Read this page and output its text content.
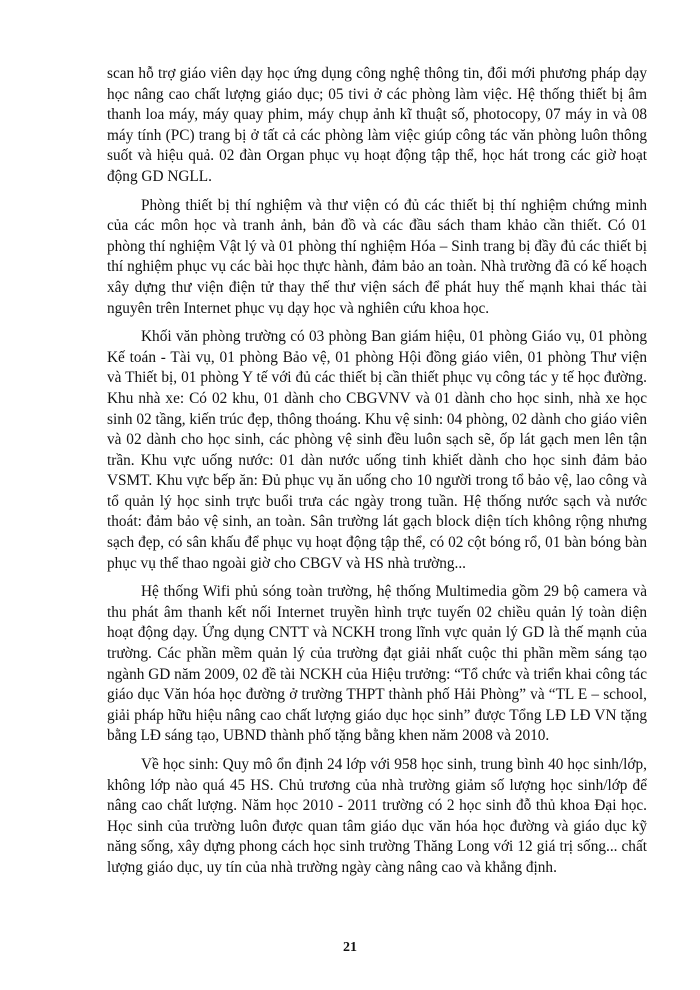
scan hỗ trợ giáo viên dạy học ứng dụng công nghệ thông tin, đổi mới phương pháp dạy học nâng cao chất lượng giáo dục; 05 tivi ở các phòng làm việc. Hệ thống thiết bị âm thanh loa máy, máy quay phim, máy chụp ảnh kĩ thuật số, photocopy, 07 máy in và 08 máy tính (PC) trang bị ở tất cả các phòng làm việc giúp công tác văn phòng luôn thông suốt và hiệu quả. 02 đàn Organ phục vụ hoạt động tập thể, học hát trong các giờ hoạt động GD NGLL.

Phòng thiết bị thí nghiệm và thư viện có đủ các thiết bị thí nghiệm chứng minh của các môn học và tranh ảnh, bản đồ và các đầu sách tham khảo cần thiết. Có 01 phòng thí nghiệm Vật lý và 01 phòng thí nghiệm Hóa – Sinh trang bị đầy đủ các thiết bị thí nghiệm phục vụ các bài học thực hành, đảm bảo an toàn. Nhà trường đã có kế hoạch xây dựng thư viện điện tử thay thế thư viện sách để phát huy thế mạnh khai thác tài nguyên trên Internet phục vụ dạy học và nghiên cứu khoa học.

Khối văn phòng trường có 03 phòng Ban giám hiệu, 01 phòng Giáo vụ, 01 phòng Kế toán - Tài vụ, 01 phòng Bảo vệ, 01 phòng Hội đồng giáo viên, 01 phòng Thư viện và Thiết bị, 01 phòng Y tế với đủ các thiết bị cần thiết phục vụ công tác y tế học đường. Khu nhà xe: Có 02 khu, 01 dành cho CBGVNV và 01 dành cho học sinh, nhà xe học sinh 02 tầng, kiến trúc đẹp, thông thoáng. Khu vệ sinh: 04 phòng, 02 dành cho giáo viên và 02 dành cho học sinh, các phòng vệ sinh đều luôn sạch sẽ, ốp lát gạch men lên tận trần. Khu vực uống nước: 01 dàn nước uống tinh khiết dành cho học sinh đảm bảo VSMT. Khu vực bếp ăn: Đủ phục vụ ăn uống cho 10 người trong tổ bảo vệ, lao công và tổ quản lý học sinh trực buổi trưa các ngày trong tuần. Hệ thống nước sạch và nước thoát: đảm bảo vệ sinh, an toàn. Sân trường lát gạch block diện tích không rộng nhưng sạch đẹp, có sân khấu để phục vụ hoạt động tập thể, có 02 cột bóng rổ, 01 bàn bóng bàn phục vụ thể thao ngoài giờ cho CBGV và HS nhà trường...

Hệ thống Wifi phủ sóng toàn trường, hệ thống Multimedia gồm 29 bộ camera và thu phát âm thanh kết nối Internet truyền hình trực tuyến 02 chiều quản lý toàn diện hoạt động dạy. Ứng dụng CNTT và NCKH trong lĩnh vực quản lý GD là thế mạnh của trường. Các phần mềm quản lý của trường đạt giải nhất cuộc thi phần mềm sáng tạo ngành GD năm 2009, 02 đề tài NCKH của Hiệu trưởng: “Tổ chức và triển khai công tác giáo dục Văn hóa học đường ở trường THPT thành phố Hải Phòng” và “TL E – school, giải pháp hữu hiệu nâng cao chất lượng giáo dục học sinh” được Tổng LĐ LĐ VN tặng bằng LĐ sáng tạo, UBND thành phố tặng bằng khen năm 2008 và 2010.

Về học sinh: Quy mô ổn định 24 lớp với 958 học sinh, trung bình 40 học sinh/lớp, không lớp nào quá 45 HS. Chủ trương của nhà trường giảm số lượng học sinh/lớp để nâng cao chất lượng. Năm học 2010 - 2011 trường có 2 học sinh đỗ thủ khoa Đại học. Học sinh của trường luôn được quan tâm giáo dục văn hóa học đường và giáo dục kỹ năng sống, xây dựng phong cách học sinh trường Thăng Long với 12 giá trị sống... chất lượng giáo dục, uy tín của nhà trường ngày càng nâng cao và khẳng định.

21
